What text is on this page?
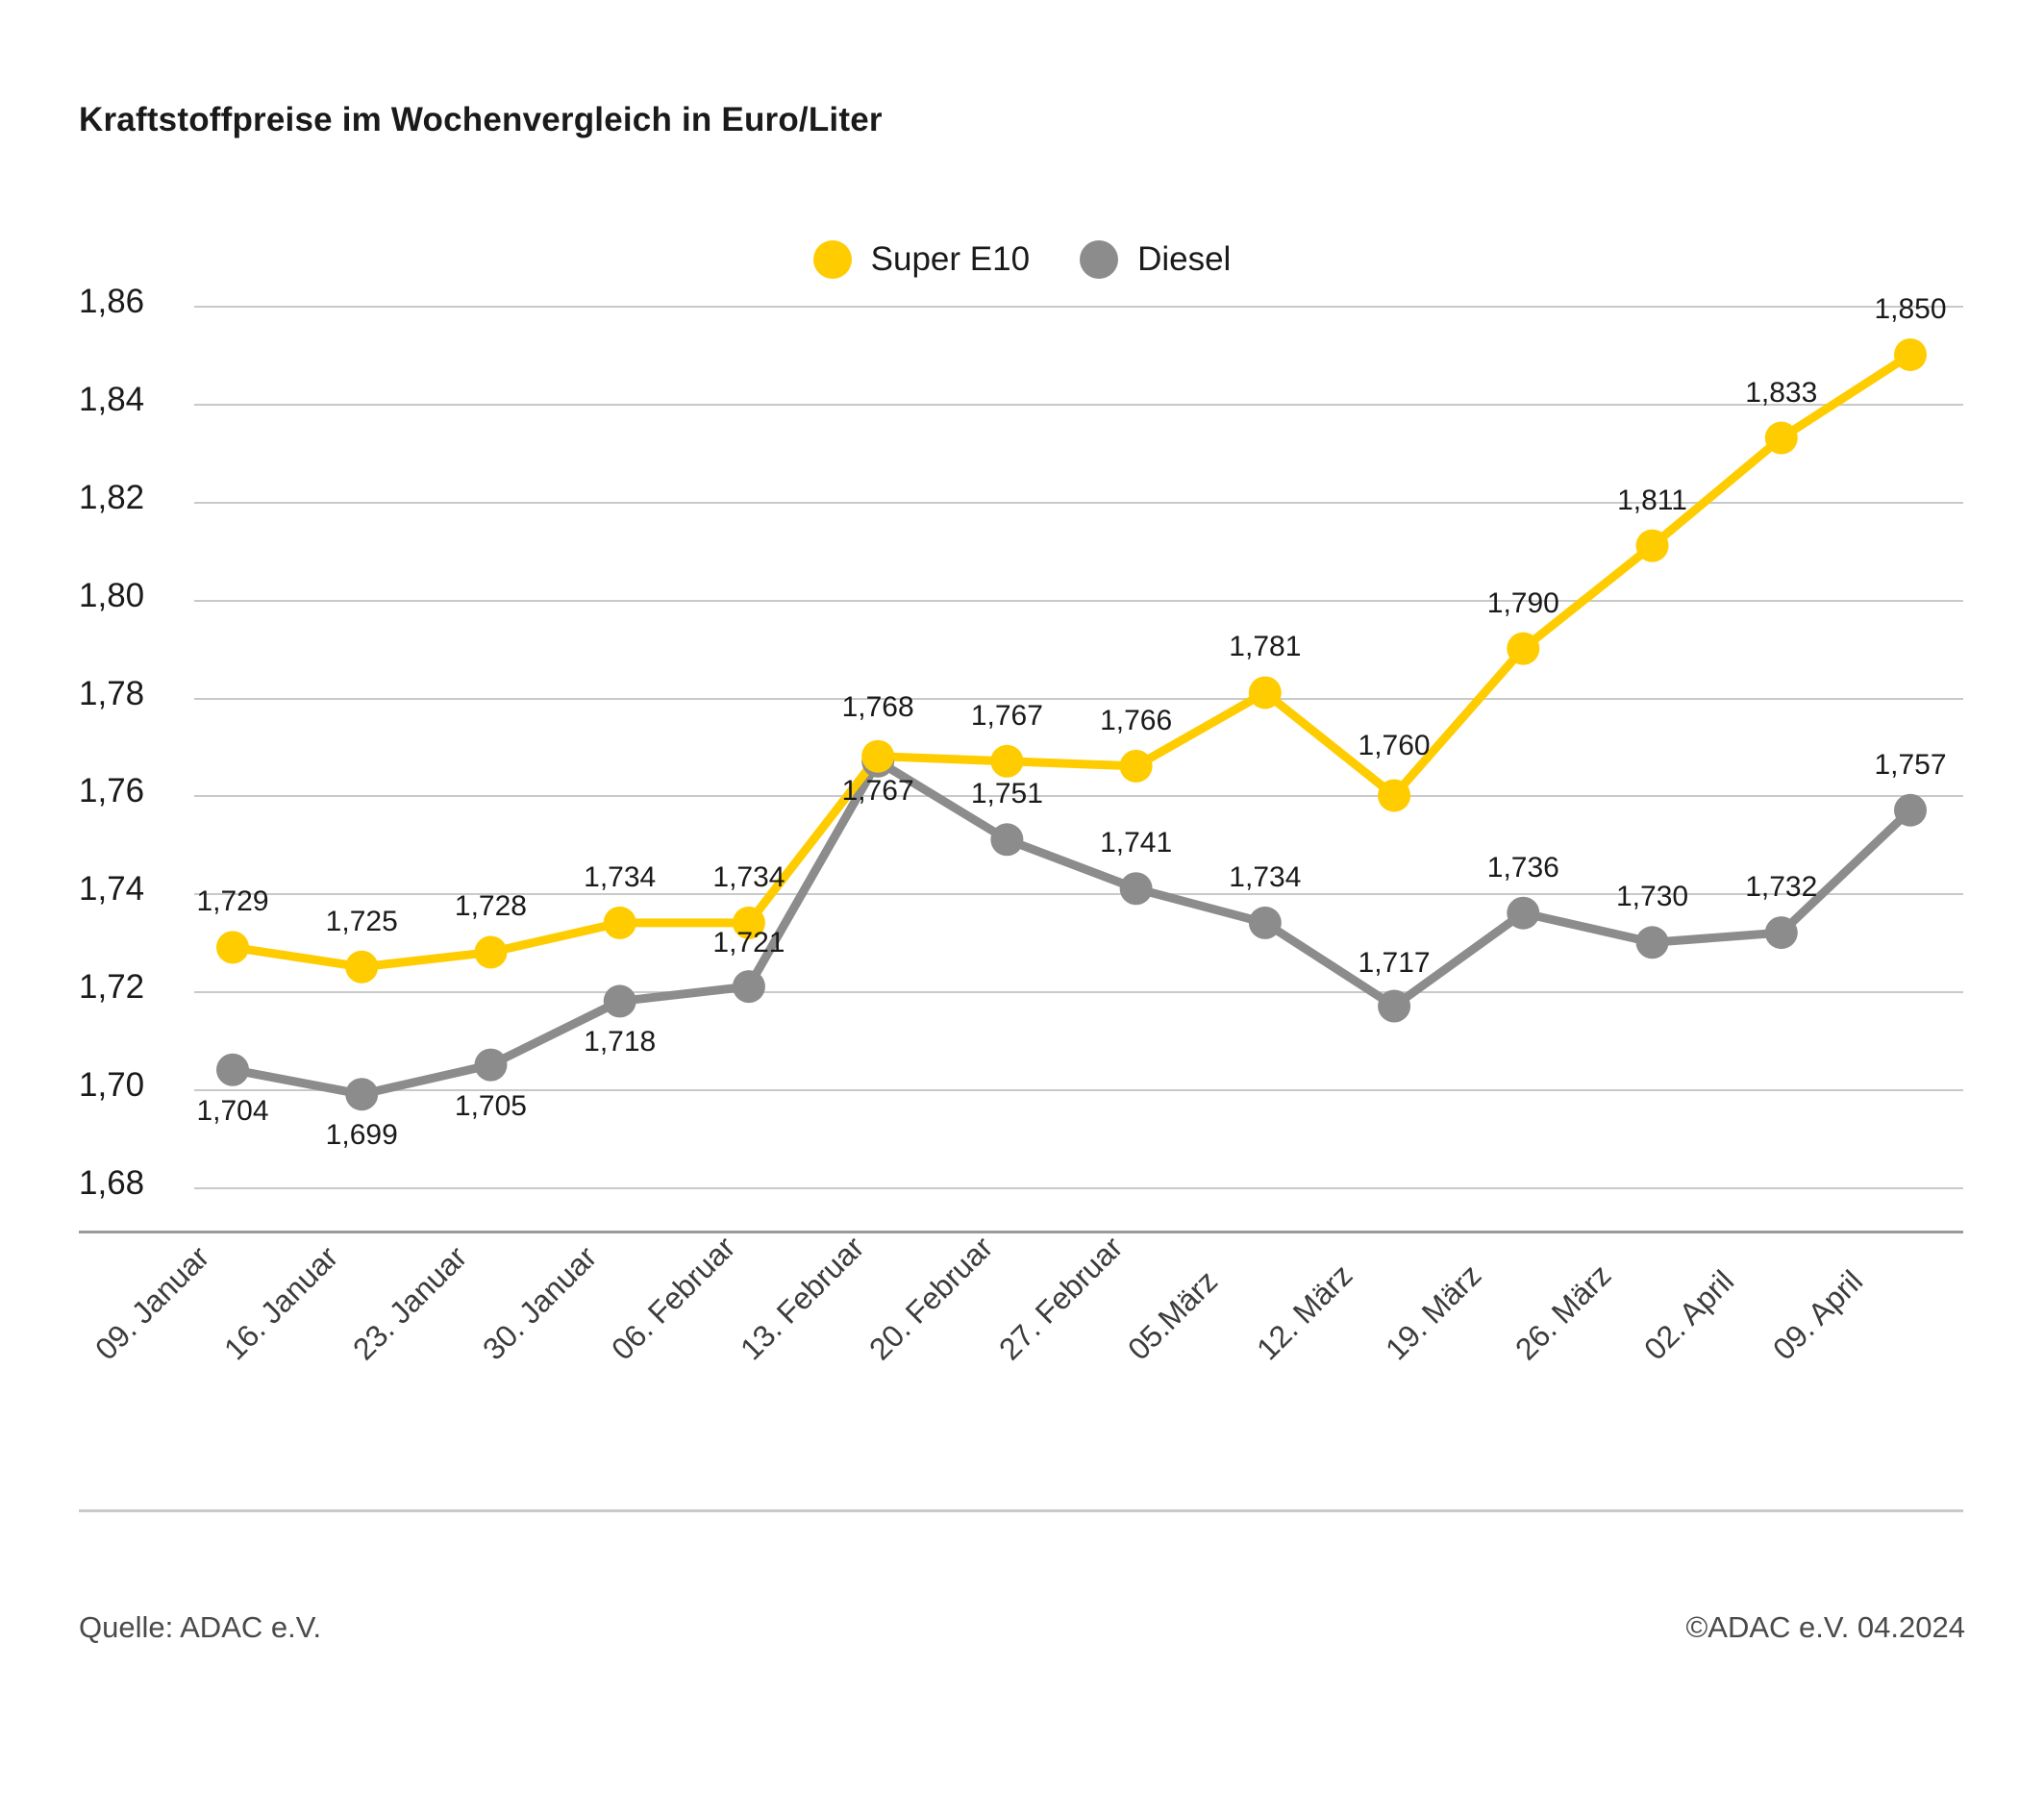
Kraftstoffpreise im Wochenvergleich in Euro/Liter
Super E10	Diesel
1,86
1,84
1,82
1,80
1,78
1,76
1,74
1,72
1,70
1,68
1,729
1,725 1,728
1,734 1,734
1,768 1,767 1,766
1,781
1,760
1,790
1,811
1,833
1,850
1,704
1,699
1,705
1,718
1,721
1,767 1,751
1,741
1,734
1,717
1,736
1,730 1,732
1,757
09. Januar 16. Januar 23. Januar 30. Januar 06. Februar
13. Februar
20. Februar
27. Februar
05.März 12. März 19. März 26. März 02. April 09. April
Quelle: ADAC e.V.	©ADAC e.V. 04.2024
